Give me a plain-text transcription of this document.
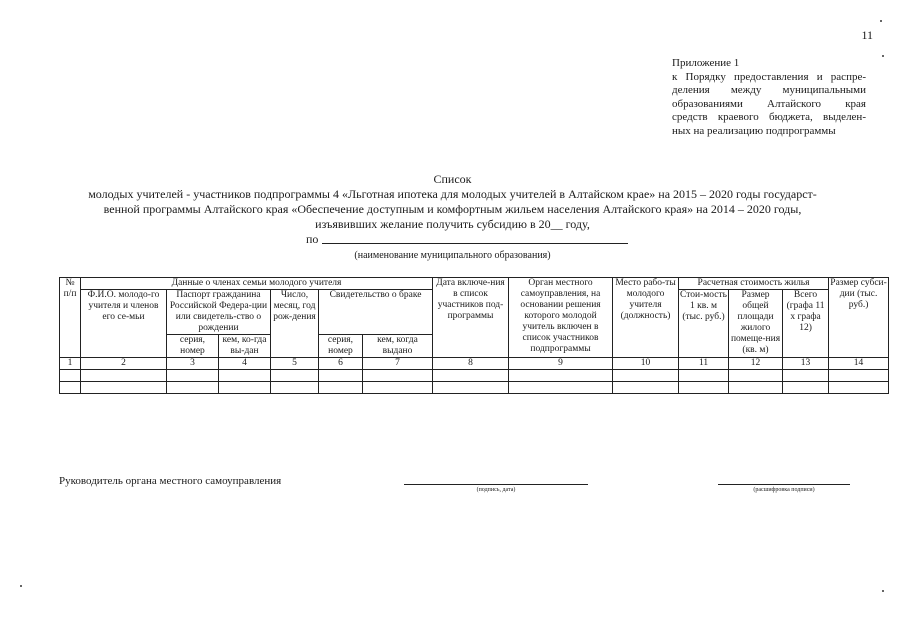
11
Приложение 1
к Порядку предоставления и распре-
деления между муниципальными
образованиями Алтайского края
средств краевого бюджета, выделен-
ных на реализацию подпрограммы
Список
молодых учителей - участников подпрограммы 4 «Льготная ипотека для молодых учителей в Алтайском крае» на 2015 – 2020 годы государст-
венной программы Алтайского края «Обеспечение доступным и комфортным жильем населения Алтайского края» на 2014 – 2020 годы,
изъявивших желание получить субсидию в 20__ году,
по
(наименование муниципального образования)
№ п/п	Данные о членах семьи молодого учителя						Дата включе-ния в список участников под-программы	Орган местного самоуправления, на основании решения которого молодой учитель включен в список участников подпрограммы	Место рабо-ты молодого учителя (должность)	Расчетная стоимость жилья			Размер субси-дии (тыс. руб.)
	Ф.И.О. молодо-го учителя и членов его се-мьи	Паспорт гражданина Российской Федера-ции или свидетель-ство о рождении		Число, месяц, год рож-дения	Свидетельство о браке					Стои-мость 1 кв. м (тыс. руб.)	Размер общей площади жилого помеще-ния (кв. м)	Всего (графа 11 x графа 12)	
		серия, номер	кем, ко-гда вы-дан		серия, номер	кем, когда выдано							
1	2	3	4	5	6	7	8	9	10	11	12	13	14

Руководитель органа местного самоуправления
(подпись, дата)	(расшифровка подписи)
